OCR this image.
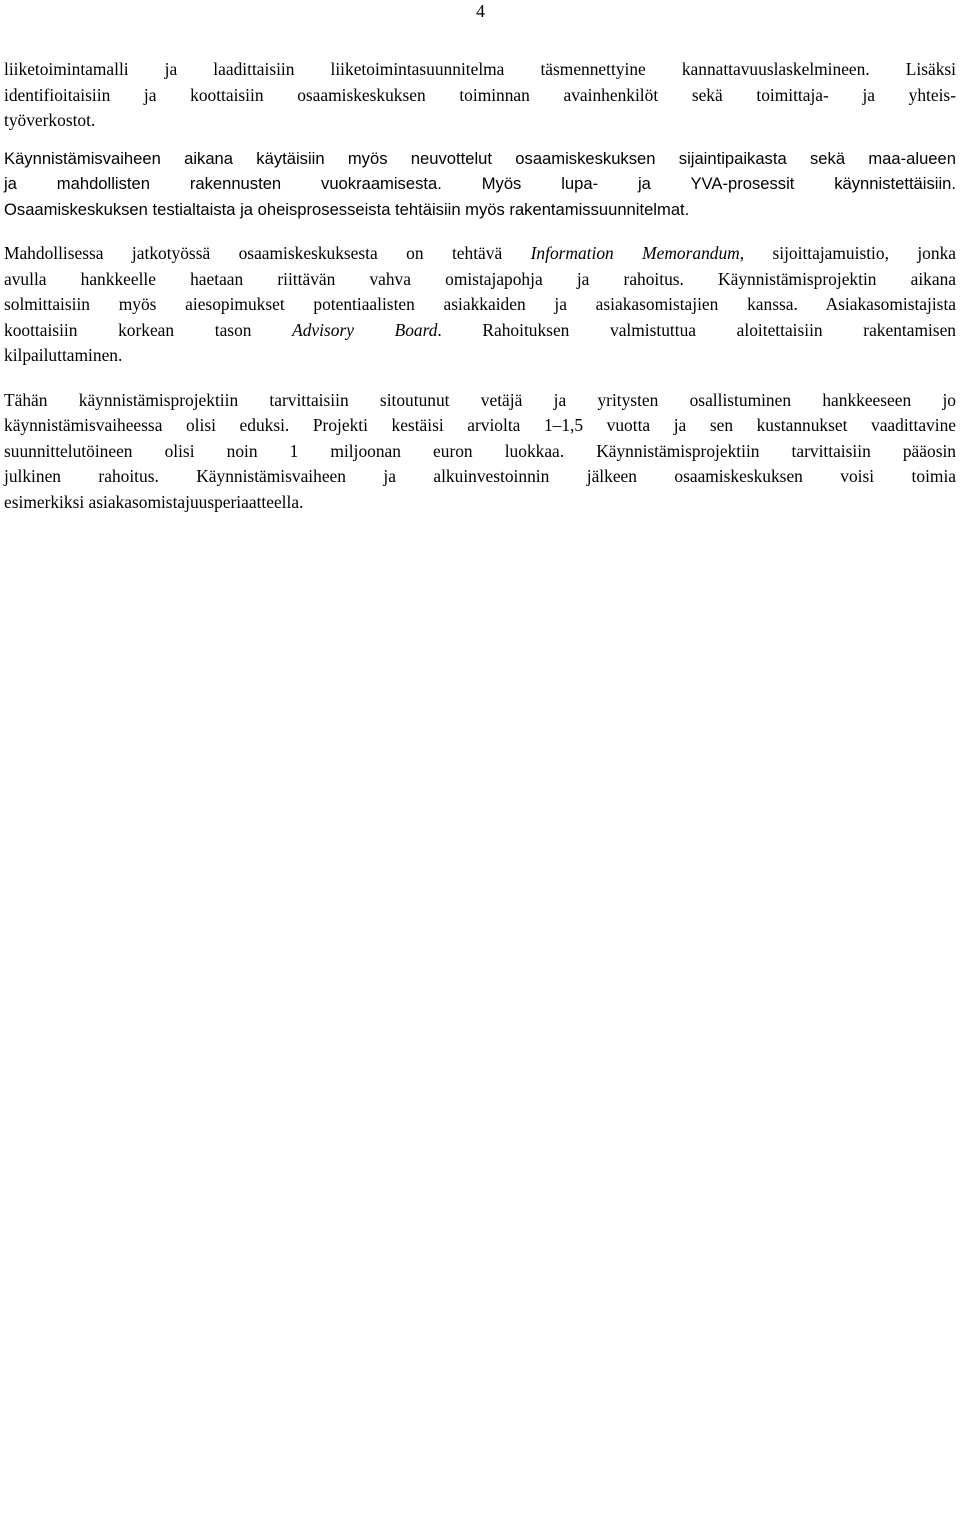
4

liiketoimintamalli ja laadittaisiin liiketoimintasuunnitelma täsmennettyine kannattavuuslaskelmineen. Lisäksi
identifioitaisiin ja koottaisiin osaamiskeskuksen toiminnan avainhenkilöt sekä toimittaja- ja yhteis-
työverkostot.

Käynnistämisvaiheen aikana käytäisiin myös neuvottelut osaamiskeskuksen sijaintipaikasta sekä maa-alueen
ja mahdollisten rakennusten vuokraamisesta. Myös lupa- ja YVA-prosessit käynnistettäisiin.
Osaamiskeskuksen testialtaista ja oheisprosesseista tehtäisiin myös rakentamissuunnitelmat.

Mahdollisessa jatkotyössä osaamiskeskuksesta on tehtävä Information Memorandum, sijoittajamuistio, jonka
avulla hankkeelle haetaan riittävän vahva omistajapohja ja rahoitus. Käynnistämisprojektin aikana
solmittaisiin myös aiesopimukset potentiaalisten asiakkaiden ja asiakasomistajien kanssa. Asiakasomistajista
koottaisiin korkean tason Advisory Board. Rahoituksen valmistuttua aloitettaisiin rakentamisen
kilpailuttaminen.

Tähän käynnistämisprojektiin tarvittaisiin sitoutunut vetäjä ja yritysten osallistuminen hankkeeseen jo
käynnistämisvaiheessa olisi eduksi. Projekti kestäisi arviolta 1–1,5 vuotta ja sen kustannukset vaadittavine
suunnittelutöineen olisi noin 1 miljoonan euron luokkaa. Käynnistämisprojektiin tarvittaisiin pääosin
julkinen rahoitus. Käynnistämisvaiheen ja alkuinvestoinnin jälkeen osaamiskeskuksen voisi toimia
esimerkiksi asiakasomistajuusperiaatteella.
